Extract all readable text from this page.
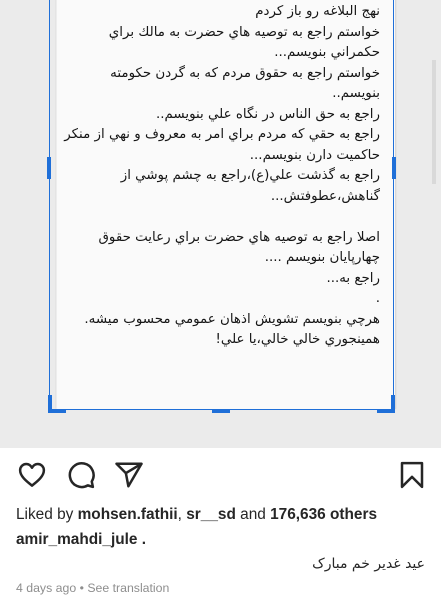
نهج البلاغه رو باز کردم
خواستم راجع به توصيه هاي حضرت به مالك براي
حکمراني بنويسم...
خواستم راجع به حقوق مردم که به گردن حکومته
بنويسم..
راجع به حق الناس در نگاه علي بنويسم..
راجع به حقي که مردم براي امر به معروف و نهي از منکر
حاکميت دارن بنويسم...
راجع به گذشت علي(ع)،راجع به چشم پوشي از
گناهش،عطوفتش...
اصلا راجع به توصيه هاي حضرت براي رعايت حقوق
چهارپايان بنويسم ....
راجع به...
.
هرچي بنويسم تشويش اذهان عمومي محسوب ميشه.
همينجوري خالي خالي،يا علي!
Liked by mohsen.fathii, sr__sd and 176,636 others
amir_mahdi_jule .
عيد غدير خم مبارک
4 days ago • See translation
